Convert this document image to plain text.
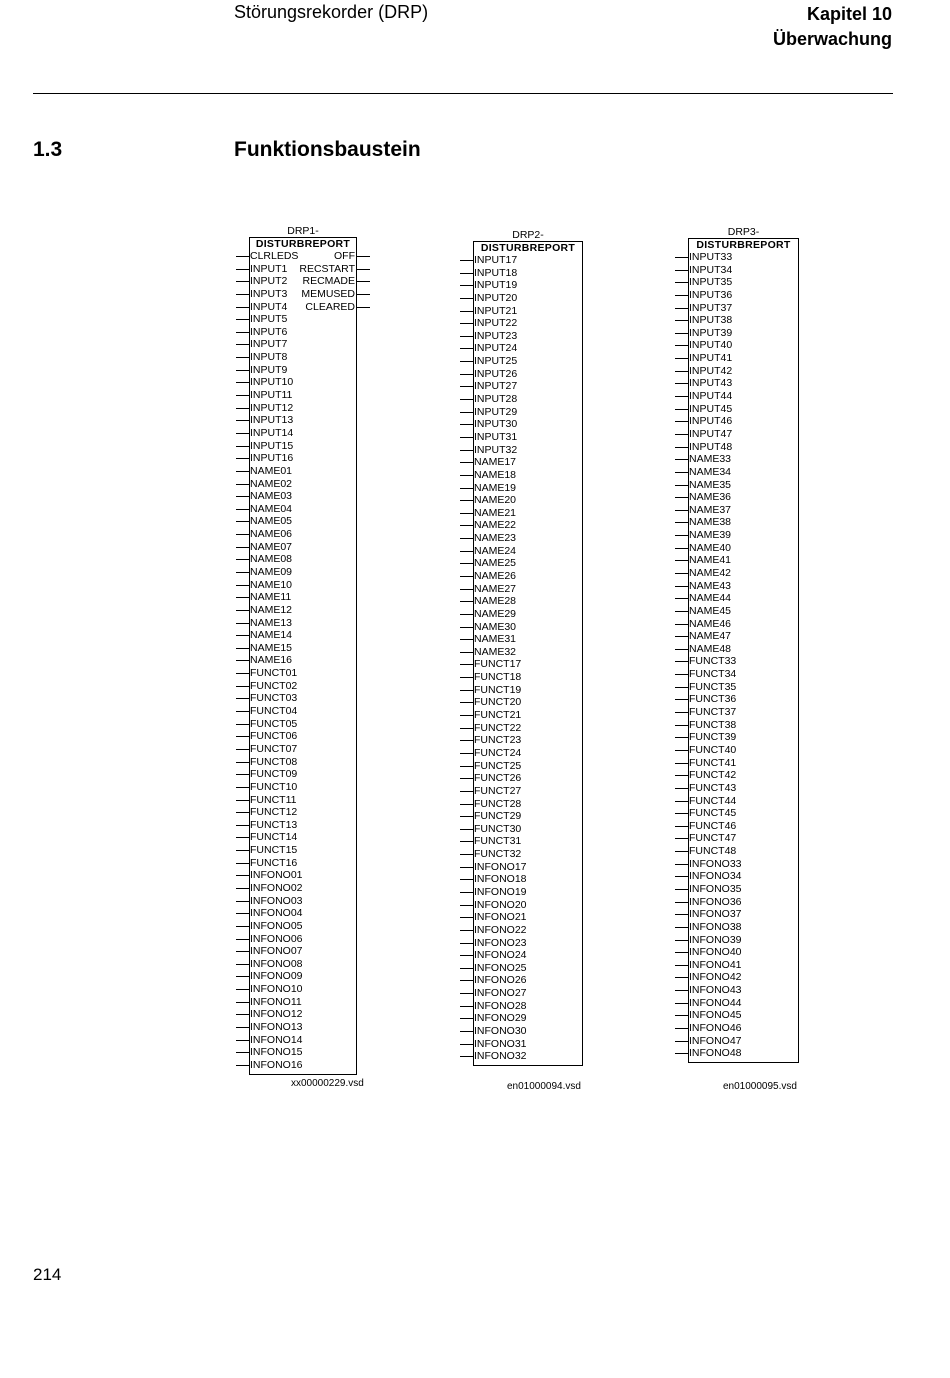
Störungsrekorder (DRP)	Kapitel 10
Überwachung
1.3	Funktionsbaustein
DRP1-
DISTURBREPORT
CLRLEDS
INPUT1
INPUT2
INPUT3
INPUT4
INPUT5
INPUT6
INPUT7
INPUT8
INPUT9
INPUT10
INPUT11
INPUT12
INPUT13
INPUT14
INPUT15
INPUT16
NAME01
NAME02
NAME03
NAME04
NAME05
NAME06
NAME07
NAME08
NAME09
NAME10
NAME11
NAME12
NAME13
NAME14
NAME15
NAME16
FUNCT01
FUNCT02
FUNCT03
FUNCT04
FUNCT05
FUNCT06
FUNCT07
FUNCT08
FUNCT09
FUNCT10
FUNCT11
FUNCT12
FUNCT13
FUNCT14
FUNCT15
FUNCT16
INFONO01
INFONO02
INFONO03
INFONO04
INFONO05
INFONO06
INFONO07
INFONO08
INFONO09
INFONO10
INFONO11
INFONO12
INFONO13
INFONO14
INFONO15
INFONO16
OFF
RECSTART
RECMADE
MEMUSED
CLEARED
xx00000229.vsd
DRP2-
DISTURBREPORT
INPUT17
INPUT18
INPUT19
INPUT20
INPUT21
INPUT22
INPUT23
INPUT24
INPUT25
INPUT26
INPUT27
INPUT28
INPUT29
INPUT30
INPUT31
INPUT32
NAME17
NAME18
NAME19
NAME20
NAME21
NAME22
NAME23
NAME24
NAME25
NAME26
NAME27
NAME28
NAME29
NAME30
NAME31
NAME32
FUNCT17
FUNCT18
FUNCT19
FUNCT20
FUNCT21
FUNCT22
FUNCT23
FUNCT24
FUNCT25
FUNCT26
FUNCT27
FUNCT28
FUNCT29
FUNCT30
FUNCT31
FUNCT32
INFONO17
INFONO18
INFONO19
INFONO20
INFONO21
INFONO22
INFONO23
INFONO24
INFONO25
INFONO26
INFONO27
INFONO28
INFONO29
INFONO30
INFONO31
INFONO32
en01000094.vsd
DRP3-
DISTURBREPORT
INPUT33
INPUT34
INPUT35
INPUT36
INPUT37
INPUT38
INPUT39
INPUT40
INPUT41
INPUT42
INPUT43
INPUT44
INPUT45
INPUT46
INPUT47
INPUT48
NAME33
NAME34
NAME35
NAME36
NAME37
NAME38
NAME39
NAME40
NAME41
NAME42
NAME43
NAME44
NAME45
NAME46
NAME47
NAME48
FUNCT33
FUNCT34
FUNCT35
FUNCT36
FUNCT37
FUNCT38
FUNCT39
FUNCT40
FUNCT41
FUNCT42
FUNCT43
FUNCT44
FUNCT45
FUNCT46
FUNCT47
FUNCT48
INFONO33
INFONO34
INFONO35
INFONO36
INFONO37
INFONO38
INFONO39
INFONO40
INFONO41
INFONO42
INFONO43
INFONO44
INFONO45
INFONO46
INFONO47
INFONO48
en01000095.vsd
214
